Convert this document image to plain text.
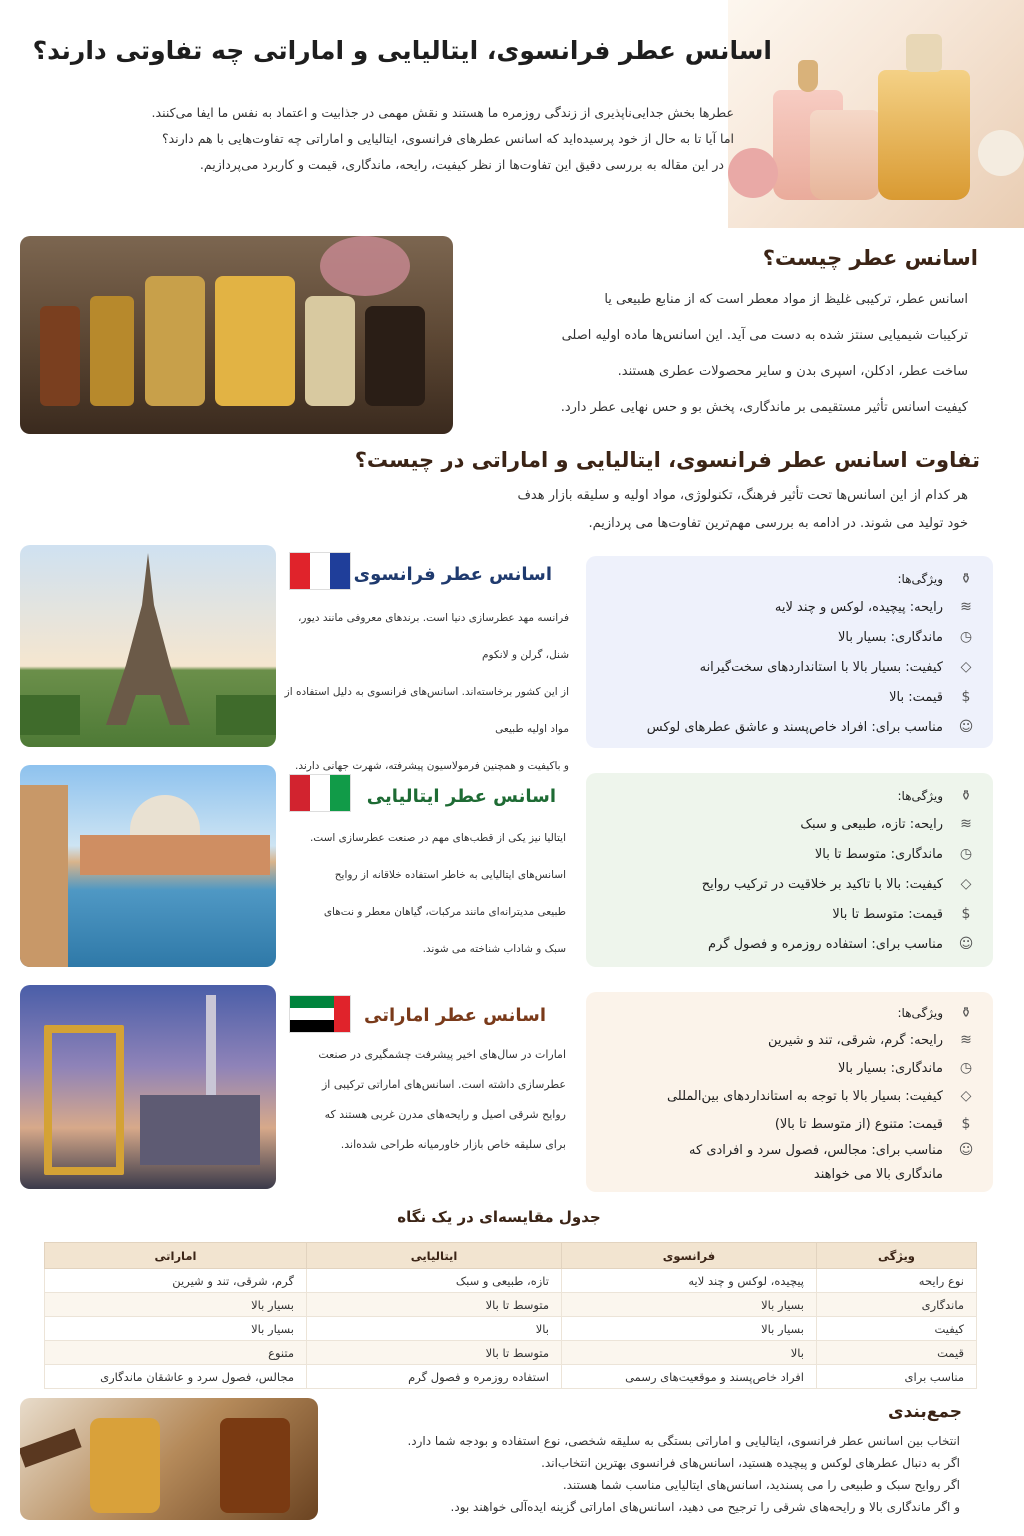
اسانس عطر فرانسوی، ایتالیایی و اماراتی چه تفاوتی دارند؟
عطرها بخش جدایی‌ناپذیری از زندگی روزمره ما هستند و نقش مهمی در جذابیت و اعتماد به نفس ما ایفا می‌کنند.
اما آیا تا به حال از خود پرسیده‌اید که اسانس عطرهای فرانسوی، ایتالیایی و اماراتی چه تفاوت‌هایی با هم دارند؟
در این مقاله به بررسی دقیق این تفاوت‌ها از نظر کیفیت، رایحه، ماندگاری، قیمت و کاربرد می‌پردازیم.
اسانس عطر چیست؟
اسانس عطر، ترکیبی غلیظ از مواد معطر است که از منابع طبیعی یا
ترکیبات شیمیایی سنتز شده به دست می آید. این اسانس‌ها ماده اولیه اصلی
ساخت عطر، ادکلن، اسپری بدن و سایر محصولات عطری هستند.
کیفیت اسانس تأثیر مستقیمی بر ماندگاری، پخش بو و حس نهایی عطر دارد.
تفاوت اسانس عطر فرانسوی، ایتالیایی و اماراتی در چیست؟
هر کدام از این اسانس‌ها تحت تأثیر فرهنگ، تکنولوژی، مواد اولیه و سلیقه بازار هدف
خود تولید می شوند. در ادامه به بررسی مهم‌ترین تفاوت‌ها می پردازیم.
اسانس عطر فرانسوی
فرانسه مهد عطرسازی دنیا است. برندهای معروفی مانند دیور، شنل، گرلن و لانکوم
از این کشور برخاسته‌اند. اسانس‌های فرانسوی به دلیل استفاده از مواد اولیه طبیعی
و باکیفیت و همچنین فرمولاسیون پیشرفته، شهرت جهانی دارند.
⚱
ویژگی‌ها:
≋
رایحه: پیچیده، لوکس و چند لایه
◷
ماندگاری: بسیار بالا
◇
کیفیت: بسیار بالا با استانداردهای سخت‌گیرانه
$
قیمت: بالا
☺
مناسب برای: افراد خاص‌پسند و عاشق عطرهای لوکس
اسانس عطر ایتالیایی
ایتالیا نیز یکی از قطب‌های مهم در صنعت عطرسازی است.
اسانس‌های ایتالیایی به خاطر استفاده خلاقانه از روایح
طبیعی مدیترانه‌ای مانند مرکبات، گیاهان معطر و نت‌های
سبک و شاداب شناخته می شوند.
⚱
ویژگی‌ها:
≋
رایحه: تازه، طبیعی و سبک
◷
ماندگاری: متوسط تا بالا
◇
کیفیت: بالا با تاکید بر خلاقیت در ترکیب روایح
$
قیمت: متوسط تا بالا
☺
مناسب برای: استفاده روزمره و فصول گرم
اسانس عطر اماراتی
امارات در سال‌های اخیر پیشرفت چشمگیری در صنعت
عطرسازی داشته است. اسانس‌های اماراتی ترکیبی از
روایح شرقی اصیل و رایحه‌های مدرن غربی هستند که
برای سلیقه خاص بازار خاورمیانه طراحی شده‌اند.
⚱
ویژگی‌ها:
≋
رایحه: گرم، شرقی، تند و شیرین
◷
ماندگاری: بسیار بالا
◇
کیفیت: بسیار بالا با توجه به استانداردهای بین‌المللی
$
قیمت: متنوع (از متوسط تا بالا)
☺
مناسب برای: مجالس، فصول سرد و افرادی که
ماندگاری بالا می خواهند
جدول مقایسه‌ای در یک نگاه
ویژگی	فرانسوی	ایتالیایی	اماراتی
نوع رایحه	پیچیده، لوکس و چند لایه	تازه، طبیعی و سبک	گرم، شرقی، تند و شیرین
ماندگاری	بسیار بالا	متوسط تا بالا	بسیار بالا
کیفیت	بسیار بالا	بالا	بسیار بالا
قیمت	بالا	متوسط تا بالا	متنوع
مناسب برای	افراد خاص‌پسند و موقعیت‌های رسمی	استفاده روزمره و فصول گرم	مجالس، فصول سرد و عاشقان ماندگاری
جمع‌بندی
انتخاب بین اسانس عطر فرانسوی، ایتالیایی و اماراتی بستگی به سلیقه شخصی، نوع استفاده و بودجه شما دارد.
اگر به دنبال عطرهای لوکس و پیچیده هستید، اسانس‌های فرانسوی بهترین انتخاب‌اند.
اگر روایح سبک و طبیعی را می پسندید، اسانس‌های ایتالیایی مناسب شما هستند.
و اگر ماندگاری بالا و رایحه‌های شرقی را ترجیح می دهید، اسانس‌های اماراتی گزینه ایده‌آلی خواهند بود.
